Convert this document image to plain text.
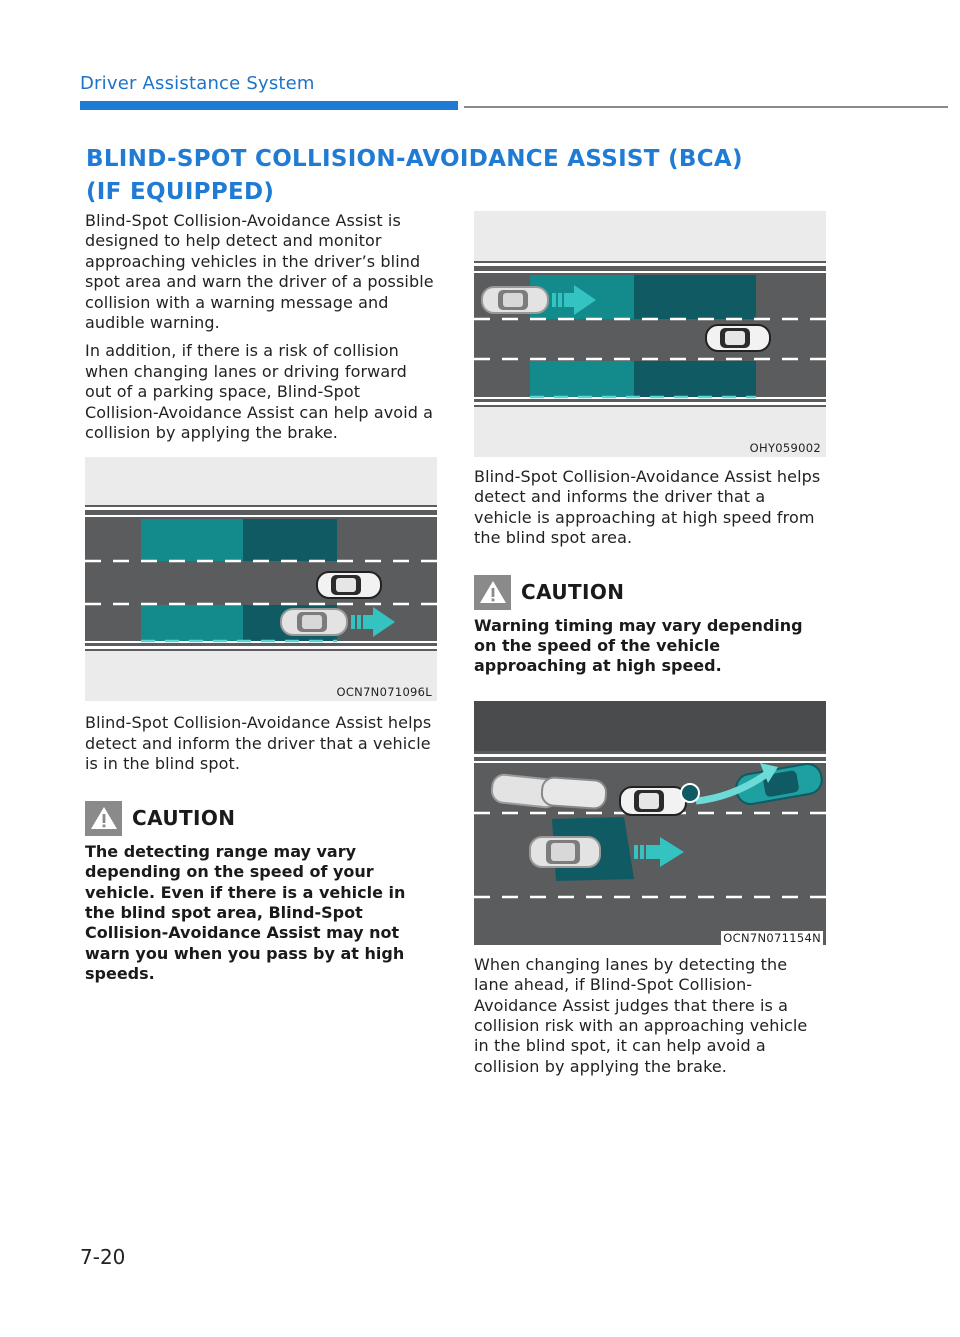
Driver Assistance System
BLIND-SPOT COLLISION-AVOIDANCE ASSIST (BCA)
(IF EQUIPPED)

Blind-Spot Collision-Avoidance Assist is designed to help detect and monitor approaching vehicles in the driver’s blind spot area and warn the driver of a possible collision with a warning message and audible warning.

In addition, if there is a risk of collision when changing lanes or driving forward out of a parking space, Blind-Spot Collision-Avoidance Assist can help avoid a collision by applying the brake.

OCN7N071096L

Blind-Spot Collision-Avoidance Assist helps detect and inform the driver that a vehicle is in the blind spot.

CAUTION

The detecting range may vary depending on the speed of your vehicle. Even if there is a vehicle in the blind spot area, Blind-Spot Collision-Avoidance Assist may not warn you when you pass by at high speeds.

OHY059002

Blind-Spot Collision-Avoidance Assist helps detect and informs the driver that a vehicle is approaching at high speed from the blind spot area.

CAUTION

Warning timing may vary depending on the speed of the vehicle approaching at high speed.

OCN7N071154N

When changing lanes by detecting the lane ahead, if Blind-Spot Collision-Avoidance Assist judges that there is a collision risk with an approaching vehicle in the blind spot, it can help avoid a collision by applying the brake.

7-20
